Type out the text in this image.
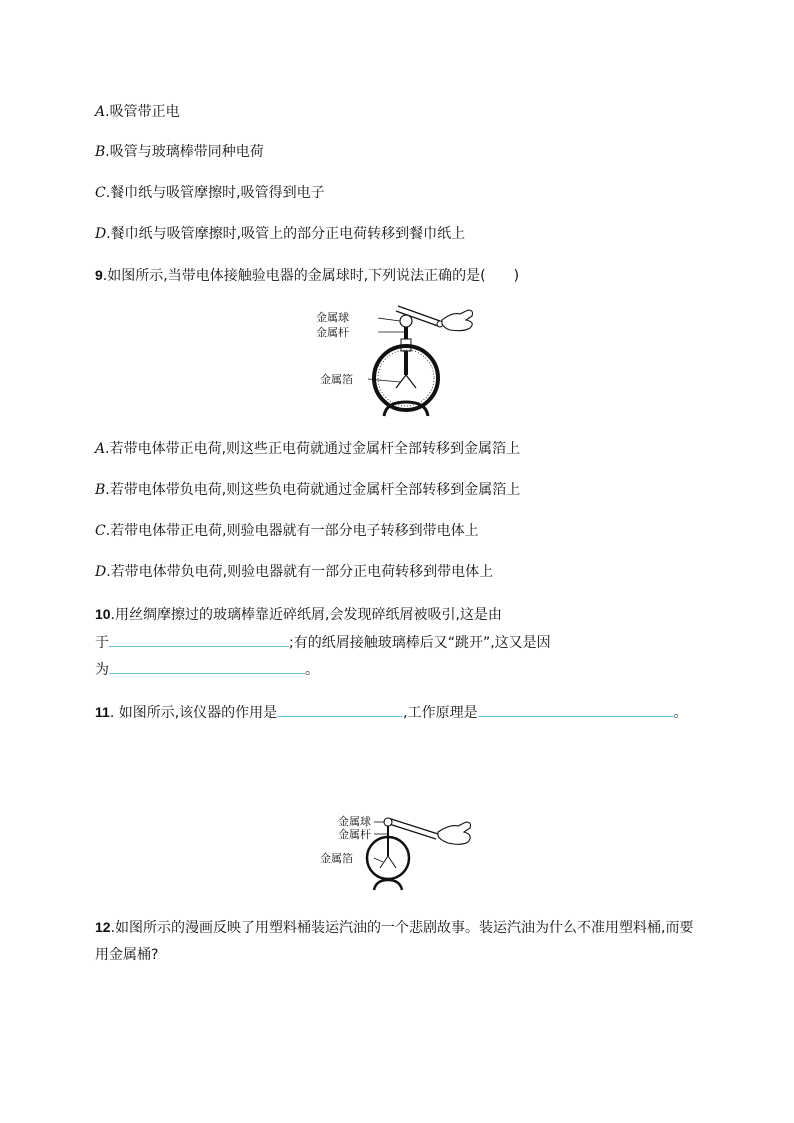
A.吸管带正电
B.吸管与玻璃棒带同种电荷
C.餐巾纸与吸管摩擦时,吸管得到电子
D.餐巾纸与吸管摩擦时,吸管上的部分正电荷转移到餐巾纸上
9.如图所示,当带电体接触验电器的金属球时,下列说法正确的是(　　)
金属球
金属杆
金属箔
A.若带电体带正电荷,则这些正电荷就通过金属杆全部转移到金属箔上
B.若带电体带负电荷,则这些负电荷就通过金属杆全部转移到金属箔上
C.若带电体带正电荷,则验电器就有一部分电子转移到带电体上
D.若带电体带负电荷,则验电器就有一部分正电荷转移到带电体上
10.用丝绸摩擦过的玻璃棒靠近碎纸屑,会发现碎纸屑被吸引,这是由
于	;有的纸屑接触玻璃棒后又“跳开”,这又是因
为	。
11. 如图所示,该仪器的作用是	,工作原理是	。
金属球
金属杆
金属箔
12.如图所示的漫画反映了用塑料桶装运汽油的一个悲剧故事。装运汽油为什么不准用塑料桶,而要
用金属桶?
